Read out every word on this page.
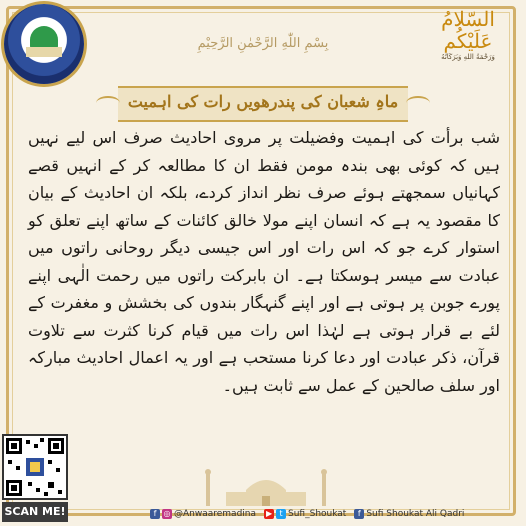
السّلامُ
عَلَيْكُم
وَرَحْمَةُ اللهِ وَبَرَكَاتُهُ
بِسْمِ اللّٰهِ الرَّحْمٰنِ الرَّحِيْمِ
ماہِ شعبان کی پندرھویں رات کی اہمیت
شب برأت کی اہمیت وفضیلت پر مروی احادیث صرف اس لیے نہیں ہیں کہ کوئی بھی بندہ مومن فقط ان کا مطالعہ کر کے انہیں قصے کہانیاں سمجھتے ہوئے صرف نظر انداز کردے، بلکہ ان احادیث کے بیان کا مقصود یہ ہے کہ انسان اپنے مولا خالق کائنات کے ساتھ اپنے تعلق کو استوار کرے جو کہ اس رات اور اس جیسی دیگر روحانی راتوں میں عبادت سے میسر ہوسکتا ہے۔ ان بابرکت راتوں میں رحمت الٰہی اپنے پورے جوبن پر ہوتی ہے اور اپنے گنہگار بندوں کی بخشش و مغفرت کے لئے بے قرار ہوتی ہے لہٰذا اس رات میں قیام کرنا کثرت سے تلاوت قرآن، ذکر عبادت اور دعا کرنا مستحب ہے اور یہ اعمال احادیث مبارکہ اور سلف صالحین کے عمل سے ثابت ہیں۔
SCAN ME!	f ◎ @Anwaaremadina ▶ t Sufi_Shoukat	f Sufi Shoukat Ali Qadri
